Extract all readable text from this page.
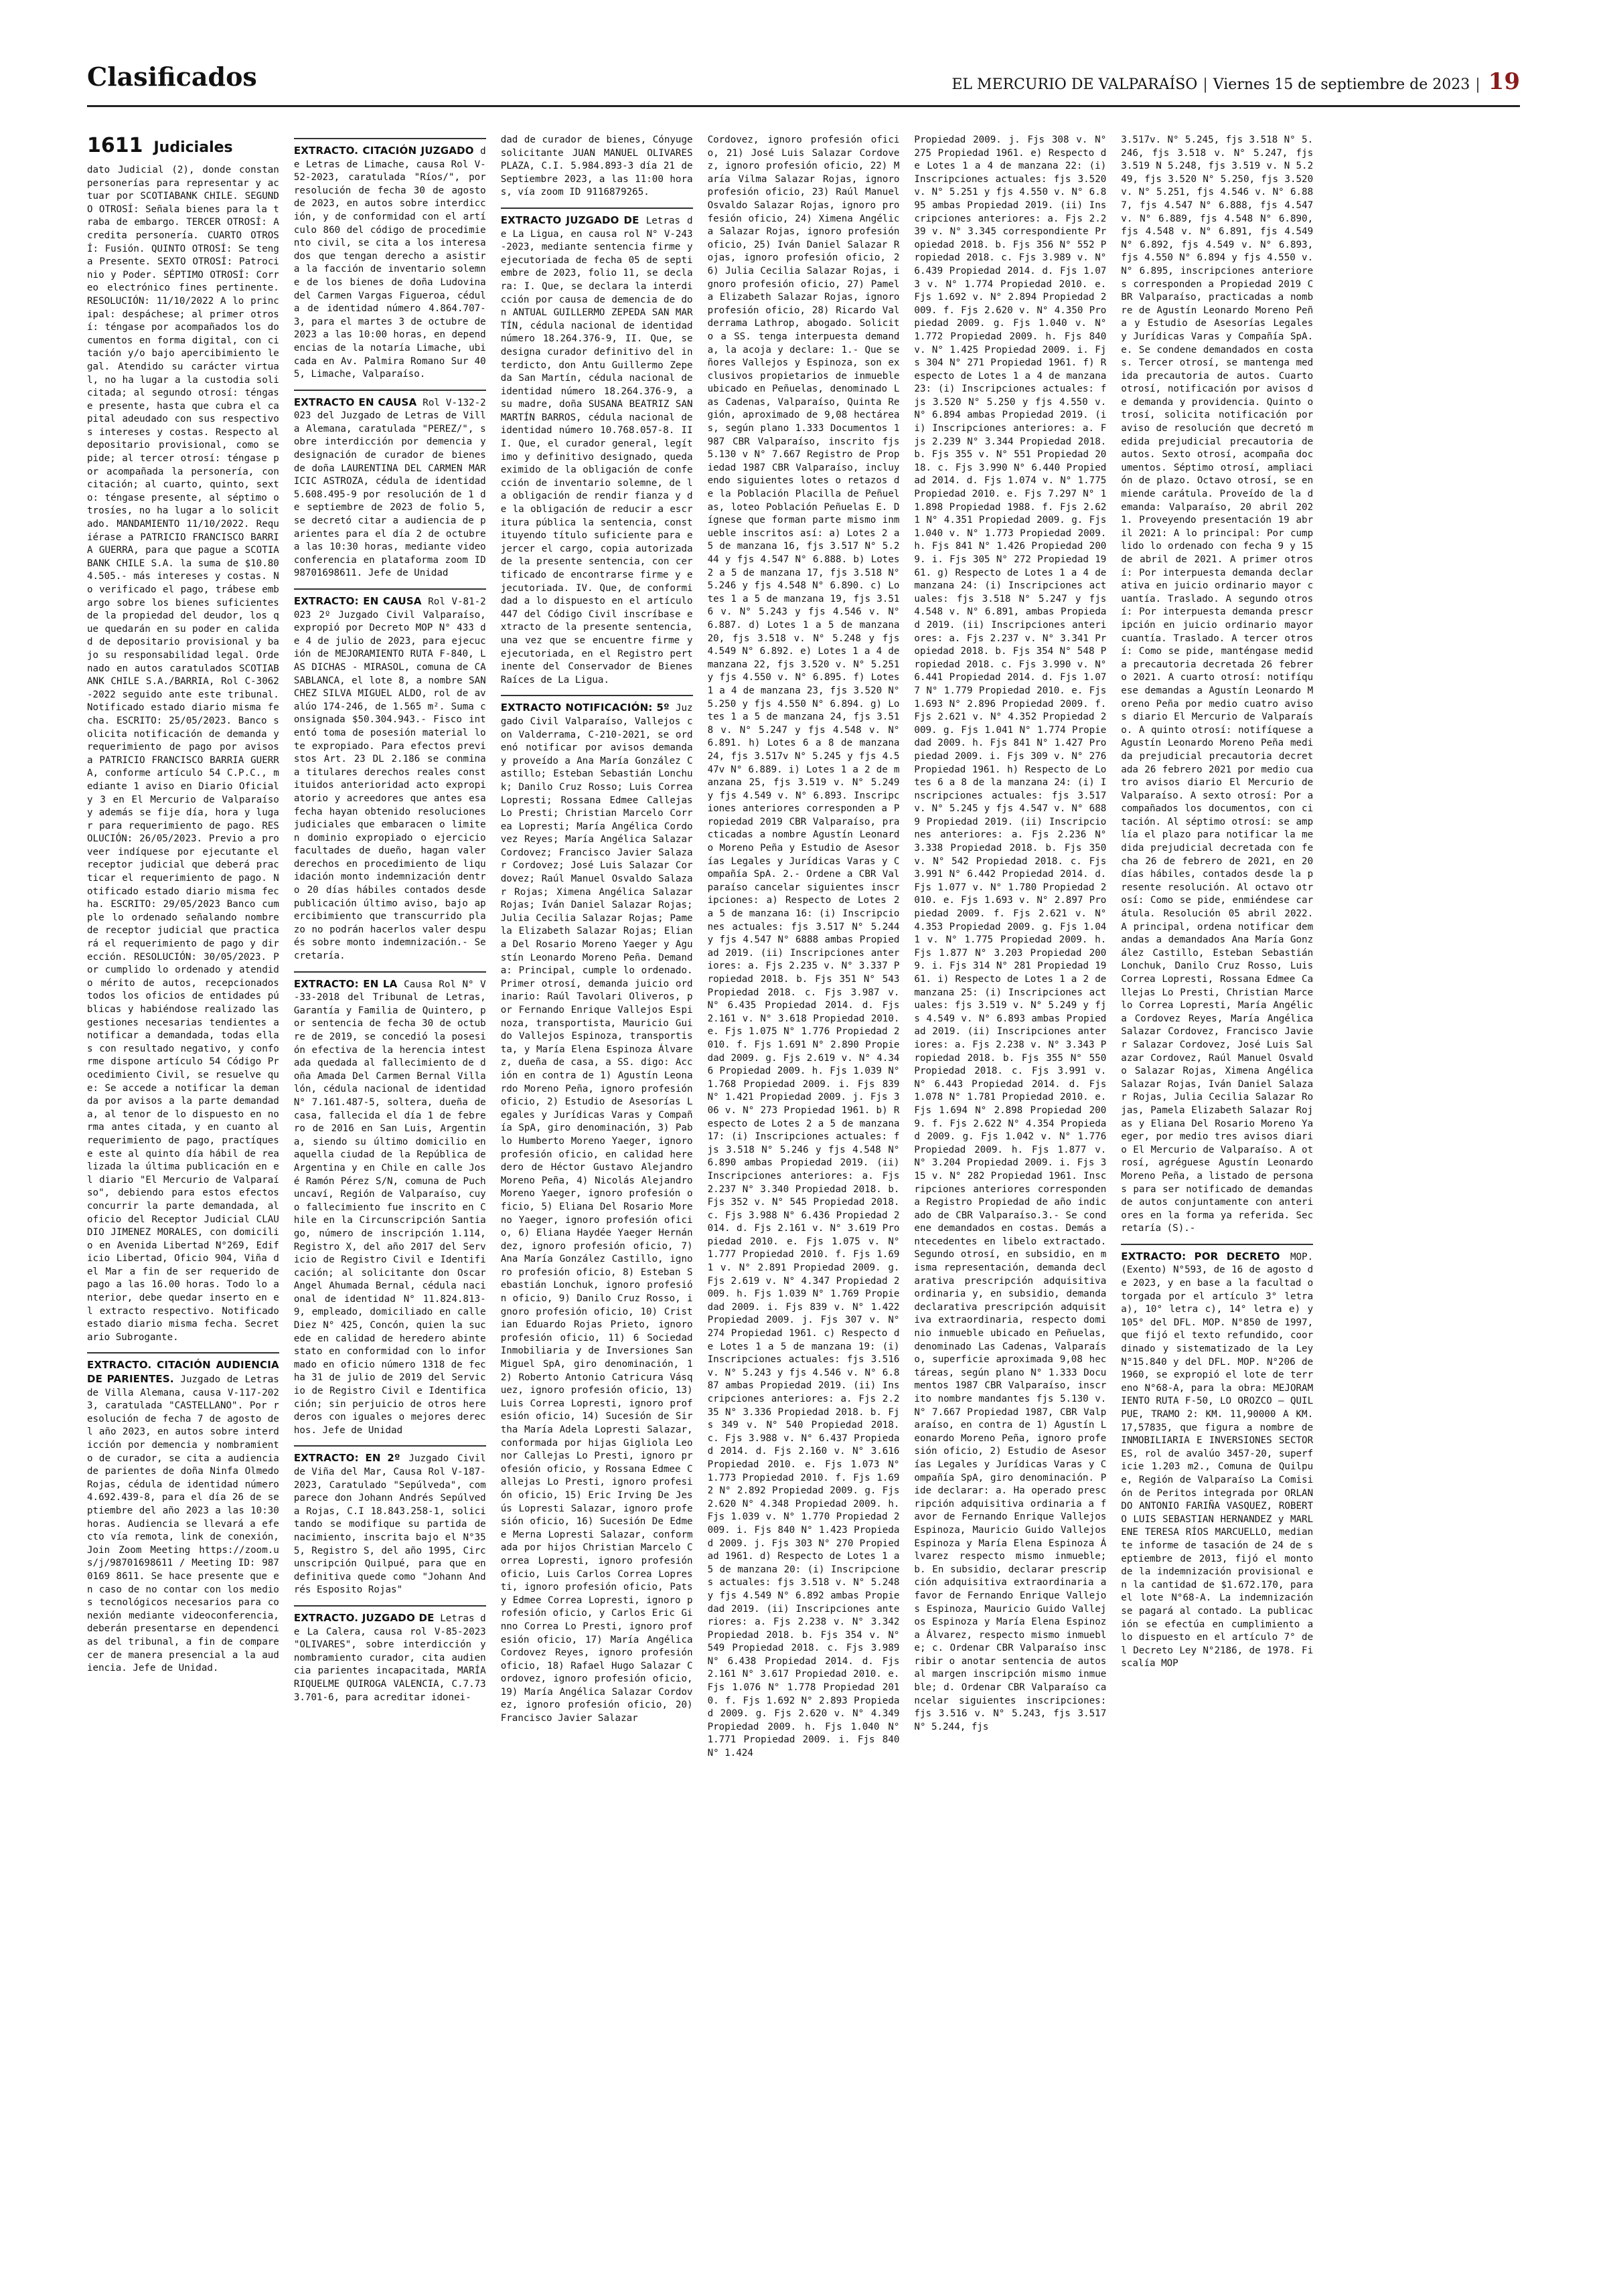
Clasificados	EL MERCURIO DE VALPARAÍSO | Viernes 15 de septiembre de 2023 | 19
1611 Judiciales

dato Judicial (2), donde constan personerías para representar y actuar por SCOTIABANK CHILE. SEGUNDO OTROSÍ: Señala bienes para la traba de embargo. TERCER OTROSÍ: Acredita personería. CUARTO OTROSÍ: Fusión. QUINTO OTROSÍ: Se tenga Presente. SEXTO OTROSÍ: Patrocinio y Poder. SÉPTIMO OTROSÍ: Correo electrónico fines pertinente. RESOLUCIÓN: 11/10/2022 A lo principal: despáchese; al primer otrosí: téngase por acompañados los documentos en forma digital, con citación y/o bajo apercibimiento legal. Atendido su carácter virtual, no ha lugar a la custodia solicitada; al segundo otrosí: téngase presente, hasta que cubra el capital adeudado con sus respectivos intereses y costas. Respecto al depositario provisional, como se pide; al tercer otrosí: téngase por acompañada la personería, con citación; al cuarto, quinto, sexto: téngase presente, al séptimo otrosíes, no ha lugar a lo solicitado. MANDAMIENTO 11/10/2022. Requiérase a PATRICIO FRANCISCO BARRIA GUERRA, para que pague a SCOTIABANK CHILE S.A. la suma de $10.804.505.- más intereses y costas. No verificado el pago, trábese embargo sobre los bienes suficientes de la propiedad del deudor, los que quedarán en su poder en calidad de depositario provisional y bajo su responsabilidad legal. Ordenado en autos caratulados SCOTIABANK CHILE S.A./BARRIA, Rol C-3062-2022 seguido ante este tribunal. Notificado estado diario misma fecha. ESCRITO: 25/05/2023. Banco solicita notificación de demanda y requerimiento de pago por avisos a PATRICIO FRANCISCO BARRIA GUERRA, conforme artículo 54 C.P.C., mediante 1 aviso en Diario Oficial y 3 en El Mercurio de Valparaíso y además se fije día, hora y lugar para requerimiento de pago. RESOLUCIÓN: 26/05/2023. Previo a proveer indíquese por ejecutante el receptor judicial que deberá practicar el requerimiento de pago. Notificado estado diario misma fecha. ESCRITO: 29/05/2023 Banco cumple lo ordenado señalando nombre de receptor judicial que practicará el requerimiento de pago y dirección. RESOLUCIÓN: 30/05/2023. Por cumplido lo ordenado y atendido mérito de autos, recepcionados todos los oficios de entidades públicas y habiéndose realizado las gestiones necesarias tendientes a notificar a demandada, todas ellas con resultado negativo, y conforme dispone artículo 54 Código Procedimiento Civil, se resuelve que: Se accede a notificar la demanda por avisos a la parte demandada, al tenor de lo dispuesto en norma antes citada, y en cuanto al requerimiento de pago, practíquese este al quinto día hábil de realizada la última publicación en el diario "El Mercurio de Valparaíso", debiendo para estos efectos concurrir la parte demandada, al oficio del Receptor Judicial CLAUDIO JIMENEZ MORALES, con domicilio en Avenida Libertad N°269, Edificio Libertad, Oficio 904, Viña del Mar a fin de ser requerido de pago a las 16.00 horas. Todo lo anterior, debe quedar inserto en el extracto respectivo. Notificado estado diario misma fecha. Secretario Subrogante.

EXTRACTO. CITACIÓN AUDIENCIA DE PARIENTES. Juzgado de Letras de Villa Alemana, causa V-117-2023, caratulada "CASTELLANO". Por resolución de fecha 7 de agosto del año 2023, en autos sobre interdicción por demencia y nombramiento de curador, se cita a audiencia de parientes de doña Ninfa Olmedo Rojas, cédula de identidad número 4.692.439-8, para el día 26 de septiembre del año 2023 a las 10:30 horas. Audiencia se llevará a efecto vía remota, link de conexión, Join Zoom Meeting https://zoom.us/j/98701698611 / Meeting ID: 987 0169 8611. Se hace presente que en caso de no contar con los medios tecnológicos necesarios para conexión mediante videoconferencia, deberán presentarse en dependencias del tribunal, a fin de comparecer de manera presencial a la audiencia. Jefe de Unidad.

EXTRACTO. CITACIÓN JUZGADO de Letras de Limache, causa Rol V-52-2023, caratulada "Ríos/", por resolución de fecha 30 de agosto de 2023, en autos sobre interdicción, y de conformidad con el artículo 860 del código de procedimiento civil, se cita a los interesados que tengan derecho a asistir a la facción de inventario solemne de los bienes de doña Ludovina del Carmen Vargas Figueroa, cédula de identidad número 4.864.707-3, para el martes 3 de octubre de 2023 a las 10:00 horas, en dependencias de la notaría Limache, ubicada en Av. Palmira Romano Sur 405, Limache, Valparaíso.

EXTRACTO EN CAUSA Rol V-132-2023 del Juzgado de Letras de Villa Alemana, caratulada "PEREZ/", sobre interdicción por demencia y designación de curador de bienes de doña LAURENTINA DEL CARMEN MARICIC ASTROZA, cédula de identidad 5.608.495-9 por resolución de 1 de septiembre de 2023 de folio 5, se decretó citar a audiencia de parientes para el día 2 de octubre a las 10:30 horas, mediante videoconferencia en plataforma zoom ID 98701698611. Jefe de Unidad

EXTRACTO: EN CAUSA Rol V-81-2023 2º Juzgado Civil Valparaíso, expropió por Decreto MOP N° 433 de 4 de julio de 2023, para ejecución de MEJORAMIENTO RUTA F-840, LAS DICHAS - MIRASOL, comuna de CASABLANCA, el lote 8, a nombre SANCHEZ SILVA MIGUEL ALDO, rol de avalúo 174-246, de 1.565 m². Suma consignada $50.304.943.- Fisco intentó toma de posesión material lote expropiado. Para efectos previstos Art. 23 DL 2.186 se conmina a titulares derechos reales constituidos anterioridad acto expropiatorio y acreedores que antes esa fecha hayan obtenido resoluciones judiciales que embaracen o limiten dominio expropiado o ejercicio facultades de dueño, hagan valer derechos en procedimiento de liquidación monto indemnización dentro 20 días hábiles contados desde publicación último aviso, bajo apercibimiento que transcurrido plazo no podrán hacerlos valer después sobre monto indemnización.- Secretaría.

EXTRACTO: EN LA Causa Rol N° V-33-2018 del Tribunal de Letras, Garantía y Familia de Quintero, por sentencia de fecha 30 de octubre de 2019, se concedió la posesión efectiva de la herencia intestada quedada al fallecimiento de doña Amada Del Carmen Bernal Villalón, cédula nacional de identidad N° 7.161.487-5, soltera, dueña de casa, fallecida el día 1 de febrero de 2016 en San Luis, Argentina, siendo su último domicilio en aquella ciudad de la República de Argentina y en Chile en calle José Ramón Pérez S/N, comuna de Puchuncaví, Región de Valparaíso, cuyo fallecimiento fue inscrito en Chile en la Circunscripción Santiago, número de inscripción 1.114, Registro X, del año 2017 del Servicio de Registro Civil e Identificación; al solicitante don Oscar Angel Ahumada Bernal, cédula nacional de identidad N° 11.824.813-9, empleado, domiciliado en calle Diez N° 425, Concón, quien la sucede en calidad de heredero abintestato en conformidad con lo informado en oficio número 1318 de fecha 31 de julio de 2019 del Servicio de Registro Civil e Identificación; sin perjuicio de otros herederos con iguales o mejores derechos. Jefe de Unidad

EXTRACTO: EN 2º Juzgado Civil de Viña del Mar, Causa Rol V-187-2023, Caratulado "Sepúlveda", comparece don Johann Andrés Sepúlveda Rojas, C.I 18.843.258-1, solicitando se modifique su partida de nacimiento, inscrita bajo el N°355, Registro S, del año 1995, Circunscripción Quilpué, para que en definitiva quede como "Johann Andrés Esposito Rojas"

EXTRACTO. JUZGADO DE Letras de La Calera, causa rol V-85-2023 "OLIVARES", sobre interdicción y nombramiento curador, cita audiencia parientes incapacitada, MARÍA RIQUELME QUIROGA VALENCIA, C.7.733.701-6, para acreditar idonei-

dad de curador de bienes, Cónyuge solicitante JUAN MANUEL OLIVARES PLAZA, C.I. 5.984.893-3 día 21 de Septiembre 2023, a las 11:00 horas, vía zoom ID 9116879265.

EXTRACTO JUZGADO DE Letras de La Ligua, en causa rol N° V-243-2023, mediante sentencia firme y ejecutoriada de fecha 05 de septiembre de 2023, folio 11, se declara: I. Que, se declara la interdicción por causa de demencia de don ANTUAL GUILLERMO ZEPEDA SAN MARTÍN, cédula nacional de identidad número 18.264.376-9, II. Que, se designa curador definitivo del interdicto, don Antu Guillermo Zepeda San Martín, cédula nacional de identidad número 18.264.376-9, a su madre, doña SUSANA BEATRIZ SAN MARTÍN BARROS, cédula nacional de identidad número 10.768.057-8. III. Que, el curador general, legítimo y definitivo designado, queda eximido de la obligación de confección de inventario solemne, de la obligación de rendir fianza y de la obligación de reducir a escritura pública la sentencia, constituyendo título suficiente para ejercer el cargo, copia autorizada de la presente sentencia, con certificado de encontrarse firme y ejecutoriada. IV. Que, de conformidad a lo dispuesto en el artículo 447 del Código Civil inscríbase extracto de la presente sentencia, una vez que se encuentre firme y ejecutoriada, en el Registro pertinente del Conservador de Bienes Raíces de La Ligua.

EXTRACTO NOTIFICACIÓN: 5º Juzgado Civil Valparaíso, Vallejos con Valderrama, C-210-2021, se ordenó notificar por avisos demanda y proveído a Ana María González Castillo; Esteban Sebastián Lonchuk; Danilo Cruz Rosso; Luis Correa Lopresti; Rossana Edmee Callejas Lo Presti; Christian Marcelo Correa Lopresti; María Angélica Cordovez Reyes; María Angélica Salazar Cordovez; Francisco Javier Salazar Cordovez; José Luis Salazar Cordovez; Raúl Manuel Osvaldo Salazar Rojas; Ximena Angélica Salazar Rojas; Iván Daniel Salazar Rojas; Julia Cecilia Salazar Rojas; Pamela Elizabeth Salazar Rojas; Eliana Del Rosario Moreno Yaeger y Agustín Leonardo Moreno Peña. Demanda: Principal, cumple lo ordenado. Primer otrosí, demanda juicio ordinario: Raúl Tavolari Oliveros, por Fernando Enrique Vallejos Espinoza, transportista, Mauricio Guido Vallejos Espinoza, transportista, y María Elena Espinoza Álvarez, dueña de casa, a SS. digo: Acción en contra de 1) Agustín Leonardo Moreno Peña, ignoro profesión oficio, 2) Estudio de Asesorías Legales y Jurídicas Varas y Compañía SpA, giro denominación, 3) Pablo Humberto Moreno Yaeger, ignoro profesión oficio, en calidad heredero de Héctor Gustavo Alejandro Moreno Peña, 4) Nicolás Alejandro Moreno Yaeger, ignoro profesión oficio, 5) Eliana Del Rosario Moreno Yaeger, ignoro profesión oficio, 6) Eliana Haydée Yaeger Hernández, ignoro profesión oficio, 7) Ana María González Castillo, ignoro profesión oficio, 8) Esteban Sebastián Lonchuk, ignoro profesión oficio, 9) Danilo Cruz Rosso, ignoro profesión oficio, 10) Cristian Eduardo Rojas Prieto, ignoro profesión oficio, 11) 6 Sociedad Inmobiliaria y de Inversiones San Miguel SpA, giro denominación, 12) Roberto Antonio Catricura Vásquez, ignoro profesión oficio, 13) Luis Correa Lopresti, ignoro profesión oficio, 14) Sucesión de Sirtha María Adela Lopresti Salazar, conformada por hijas Gigliola Leonor Callejas Lo Presti, ignoro profesión oficio, y Rossana Edmee Callejas Lo Presti, ignoro profesión oficio, 15) Eric Irving De Jesús Lopresti Salazar, ignoro profesión oficio, 16) Sucesión De Edmee Merna Lopresti Salazar, conformada por hijos Christian Marcelo Correa Lopresti, ignoro profesión oficio, Luis Carlos Correa Lopresti, ignoro profesión oficio, Patsy Edmee Correa Lopresti, ignoro profesión oficio, y Carlos Eric Ginno Correa Lo Presti, ignoro profesión oficio, 17) María Angélica Cordovez Reyes, ignoro profesión oficio, 18) Rafael Hugo Salazar Cordovez, ignoro profesión oficio, 19) María Angélica Salazar Cordovez, ignoro profesión oficio, 20) Francisco Javier Salazar

Cordovez, ignoro profesión oficio, 21) José Luis Salazar Cordovez, ignoro profesión oficio, 22) María Vilma Salazar Rojas, ignoro profesión oficio, 23) Raúl Manuel Osvaldo Salazar Rojas, ignoro profesión oficio, 24) Ximena Angélica Salazar Rojas, ignoro profesión oficio, 25) Iván Daniel Salazar Rojas, ignoro profesión oficio, 26) Julia Cecilia Salazar Rojas, ignoro profesión oficio, 27) Pamela Elizabeth Salazar Rojas, ignoro profesión oficio, 28) Ricardo Valderrama Lathrop, abogado. Solicito a SS. tenga interpuesta demanda, la acoja y declare: 1.- Que señores Vallejos y Espinoza, son exclusivos propietarios de inmueble ubicado en Peñuelas, denominado Las Cadenas, Valparaíso, Quinta Región, aproximado de 9,08 hectáreas, según plano 1.333 Documentos 1987 CBR Valparaíso, inscrito fjs 5.130 v N° 7.667 Registro de Propiedad 1987 CBR Valparaíso, incluyendo siguientes lotes o retazos de la Población Placilla de Peñuelas, loteo Población Peñuelas E. Dígnese que forman parte mismo inmueble inscritos así: a) Lotes 2 a 5 de manzana 16, fjs 3.517 N° 5.244 y fjs 4.547 N° 6.888. b) Lotes 2 a 5 de manzana 17, fjs 3.518 N° 5.246 y fjs 4.548 N° 6.890. c) Lotes 1 a 5 de manzana 19, fjs 3.516 v. N° 5.243 y fjs 4.546 v. N° 6.887. d) Lotes 1 a 5 de manzana 20, fjs 3.518 v. N° 5.248 y fjs 4.549 N° 6.892. e) Lotes 1 a 4 de manzana 22, fjs 3.520 v. N° 5.251 y fjs 4.550 v. N° 6.895. f) Lotes 1 a 4 de manzana 23, fjs 3.520 N° 5.250 y fjs 4.550 N° 6.894. g) Lotes 1 a 5 de manzana 24, fjs 3.518 v. N° 5.247 y fjs 4.548 v. N° 6.891. h) Lotes 6 a 8 de manzana 24, fjs 3.517v N° 5.245 y fjs 4.547v N° 6.889. i) Lotes 1 a 2 de manzana 25, fjs 3.519 v. N° 5.249 y fjs 4.549 v. N° 6.893. Inscripciones anteriores corresponden a Propiedad 2019 CBR Valparaíso, practicadas a nombre Agustín Leonardo Moreno Peña y Estudio de Asesorías Legales y Jurídicas Varas y Compañía SpA. 2.- Ordene a CBR Valparaíso cancelar siguientes inscripciones: a) Respecto de Lotes 2 a 5 de manzana 16: (i) Inscripciones actuales: fjs 3.517 N° 5.244 y fjs 4.547 N° 6888 ambas Propiedad 2019. (ii) Inscripciones anteriores: a. Fjs 2.235 v. N° 3.337 Propiedad 2018. b. Fjs 351 N° 543 Propiedad 2018. c. Fjs 3.987 v. N° 6.435 Propiedad 2014. d. Fjs 2.161 v. N° 3.618 Propiedad 2010. e. Fjs 1.075 N° 1.776 Propiedad 2010. f. Fjs 1.691 N° 2.890 Propiedad 2009. g. Fjs 2.619 v. N° 4.346 Propiedad 2009. h. Fjs 1.039 N° 1.768 Propiedad 2009. i. Fjs 839 N° 1.421 Propiedad 2009. j. Fjs 306 v. N° 273 Propiedad 1961. b) Respecto de Lotes 2 a 5 de manzana 17: (i) Inscripciones actuales: fjs 3.518 N° 5.246 y fjs 4.548 N° 6.890 ambas Propiedad 2019. (ii) Inscripciones anteriores: a. Fjs 2.237 N° 3.340 Propiedad 2018. b. Fjs 352 v. N° 545 Propiedad 2018. c. Fjs 3.988 N° 6.436 Propiedad 2014. d. Fjs 2.161 v. N° 3.619 Propiedad 2010. e. Fjs 1.075 v. N° 1.777 Propiedad 2010. f. Fjs 1.691 v. N° 2.891 Propiedad 2009. g. Fjs 2.619 v. N° 4.347 Propiedad 2009. h. Fjs 1.039 N° 1.769 Propiedad 2009. i. Fjs 839 v. N° 1.422 Propiedad 2009. j. Fjs 307 v. N° 274 Propiedad 1961. c) Respecto de Lotes 1 a 5 de manzana 19: (i) Inscripciones actuales: fjs 3.516 v. N° 5.243 y fjs 4.546 v. N° 6.887 ambas Propiedad 2019. (ii) Inscripciones anteriores: a. Fjs 2.235 N° 3.336 Propiedad 2018. b. Fjs 349 v. N° 540 Propiedad 2018. c. Fjs 3.988 v. N° 6.437 Propiedad 2014. d. Fjs 2.160 v. N° 3.616 Propiedad 2010. e. Fjs 1.073 N° 1.773 Propiedad 2010. f. Fjs 1.692 N° 2.892 Propiedad 2009. g. Fjs 2.620 N° 4.348 Propiedad 2009. h. Fjs 1.039 v. N° 1.770 Propiedad 2009. i. Fjs 840 N° 1.423 Propiedad 2009. j. Fjs 303 N° 270 Propiedad 1961. d) Respecto de Lotes 1 a 5 de manzana 20: (i) Inscripciones actuales: fjs 3.518 v. N° 5.248 y fjs 4.549 N° 6.892 ambas Propiedad 2019. (ii) Inscripciones anteriores: a. Fjs 2.238 v. N° 3.342 Propiedad 2018. b. Fjs 354 v. N° 549 Propiedad 2018. c. Fjs 3.989 N° 6.438 Propiedad 2014. d. Fjs 2.161 N° 3.617 Propiedad 2010. e. Fjs 1.076 N° 1.778 Propiedad 2010. f. Fjs 1.692 N° 2.893 Propiedad 2009. g. Fjs 2.620 v. N° 4.349 Propiedad 2009. h. Fjs 1.040 N° 1.771 Propiedad 2009. i. Fjs 840 N° 1.424

Propiedad 2009. j. Fjs 308 v. N° 275 Propiedad 1961. e) Respecto de Lotes 1 a 4 de manzana 22: (i) Inscripciones actuales: fjs 3.520 v. N° 5.251 y fjs 4.550 v. N° 6.895 ambas Propiedad 2019. (ii) Inscripciones anteriores: a. Fjs 2.239 v. N° 3.345 correspondiente Propiedad 2018. b. Fjs 356 N° 552 Propiedad 2018. c. Fjs 3.989 v. N° 6.439 Propiedad 2014. d. Fjs 1.073 v. N° 1.774 Propiedad 2010. e. Fjs 1.692 v. N° 2.894 Propiedad 2009. f. Fjs 2.620 v. N° 4.350 Propiedad 2009. g. Fjs 1.040 v. N° 1.772 Propiedad 2009. h. Fjs 840 v. N° 1.425 Propiedad 2009. i. Fjs 304 N° 271 Propiedad 1961. f) Respecto de Lotes 1 a 4 de manzana 23: (i) Inscripciones actuales: fjs 3.520 N° 5.250 y fjs 4.550 v. N° 6.894 ambas Propiedad 2019. (ii) Inscripciones anteriores: a. Fjs 2.239 N° 3.344 Propiedad 2018. b. Fjs 355 v. N° 551 Propiedad 2018. c. Fjs 3.990 N° 6.440 Propiedad 2014. d. Fjs 1.074 v. N° 1.775 Propiedad 2010. e. Fjs 7.297 N° 11.898 Propiedad 1988. f. Fjs 2.621 N° 4.351 Propiedad 2009. g. Fjs 1.040 v. N° 1.773 Propiedad 2009. h. Fjs 841 N° 1.426 Propiedad 2009. i. Fjs 305 N° 272 Propiedad 1961. g) Respecto de Lotes 1 a 4 de manzana 24: (i) Inscripciones actuales: fjs 3.518 N° 5.247 y fjs 4.548 v. N° 6.891, ambas Propiedad 2019. (ii) Inscripciones anteriores: a. Fjs 2.237 v. N° 3.341 Propiedad 2018. b. Fjs 354 N° 548 Propiedad 2018. c. Fjs 3.990 v. N° 6.441 Propiedad 2014. d. Fjs 1.077 N° 1.779 Propiedad 2010. e. Fjs 1.693 N° 2.896 Propiedad 2009. f. Fjs 2.621 v. N° 4.352 Propiedad 2009. g. Fjs 1.041 N° 1.774 Propiedad 2009. h. Fjs 841 N° 1.427 Propiedad 2009. i. Fjs 309 v. N° 276 Propiedad 1961. h) Respecto de Lotes 6 a 8 de la manzana 24: (i) Inscripciones actuales: fjs 3.517 v. N° 5.245 y fjs 4.547 v. N° 6889 Propiedad 2019. (ii) Inscripciones anteriores: a. Fjs 2.236 N° 3.338 Propiedad 2018. b. Fjs 350 v. N° 542 Propiedad 2018. c. Fjs 3.991 N° 6.442 Propiedad 2014. d. Fjs 1.077 v. N° 1.780 Propiedad 2010. e. Fjs 1.693 v. N° 2.897 Propiedad 2009. f. Fjs 2.621 v. N° 4.353 Propiedad 2009. g. Fjs 1.041 v. N° 1.775 Propiedad 2009. h. Fjs 1.877 N° 3.203 Propiedad 2009. i. Fjs 314 N° 281 Propiedad 1961. i) Respecto de Lotes 1 a 2 de manzana 25: (i) Inscripciones actuales: fjs 3.519 v. N° 5.249 y fjs 4.549 v. N° 6.893 ambas Propiedad 2019. (ii) Inscripciones anteriores: a. Fjs 2.238 v. N° 3.343 Propiedad 2018. b. Fjs 355 N° 550 Propiedad 2018. c. Fjs 3.991 v. N° 6.443 Propiedad 2014. d. Fjs 1.078 N° 1.781 Propiedad 2010. e. Fjs 1.694 N° 2.898 Propiedad 2009. f. Fjs 2.622 N° 4.354 Propiedad 2009. g. Fjs 1.042 v. N° 1.776 Propiedad 2009. h. Fjs 1.877 v. N° 3.204 Propiedad 2009. i. Fjs 315 v. N° 282 Propiedad 1961. Inscripciones anteriores corresponden a Registro Propiedad de año indicado de CBR Valparaíso.3.- Se condene demandados en costas. Demás antecedentes en libelo extractado. Segundo otrosí, en subsidio, en misma representación, demanda declarativa prescripción adquisitiva ordinaria y, en subsidio, demanda declarativa prescripción adquisitiva extraordinaria, respecto dominio inmueble ubicado en Peñuelas, denominado Las Cadenas, Valparaíso, superficie aproximada 9,08 hectáreas, según plano N° 1.333 Documentos 1987 CBR Valparaíso, inscrito nombre mandantes fjs 5.130 v. N° 7.667 Propiedad 1987, CBR Valparaíso, en contra de 1) Agustín Leonardo Moreno Peña, ignoro profesión oficio, 2) Estudio de Asesorías Legales y Jurídicas Varas y Compañía SpA, giro denominación. Pide declarar: a. Ha operado prescripción adquisitiva ordinaria a favor de Fernando Enrique Vallejos Espinoza, Mauricio Guido Vallejos Espinoza y María Elena Espinoza Álvarez respecto mismo inmueble; b. En subsidio, declarar prescripción adquisitiva extraordinaria a favor de Fernando Enrique Vallejos Espinoza, Mauricio Guido Vallejos Espinoza y María Elena Espinoza Álvarez, respecto mismo inmueble; c. Ordenar CBR Valparaíso inscribir o anotar sentencia de autos al margen inscripción mismo inmueble; d. Ordenar CBR Valparaíso cancelar siguientes inscripciones: fjs 3.516 v. N° 5.243, fjs 3.517 N° 5.244, fjs

3.517v. N° 5.245, fjs 3.518 N° 5.246, fjs 3.518 v. N° 5.247, fjs 3.519 N 5.248, fjs 3.519 v. N 5.249, fjs 3.520 N° 5.250, fjs 3.520 v. N° 5.251, fjs 4.546 v. N° 6.887, fjs 4.547 N° 6.888, fjs 4.547v. N° 6.889, fjs 4.548 N° 6.890, fjs 4.548 v. N° 6.891, fjs 4.549 N° 6.892, fjs 4.549 v. N° 6.893, fjs 4.550 N° 6.894 y fjs 4.550 v. N° 6.895, inscripciones anteriores corresponden a Propiedad 2019 CBR Valparaíso, practicadas a nombre de Agustín Leonardo Moreno Peña y Estudio de Asesorías Legales y Jurídicas Varas y Compañía SpA. e. Se condene demandados en costas. Tercer otrosí, se mantenga medida precautoria de autos. Cuarto otrosí, notificación por avisos de demanda y providencia. Quinto otrosí, solicita notificación por aviso de resolución que decretó medida prejudicial precautoria de autos. Sexto otrosí, acompaña documentos. Séptimo otrosí, ampliación de plazo. Octavo otrosí, se enmiende carátula. Proveído de la demanda: Valparaíso, 20 abril 2021. Proveyendo presentación 19 abril 2021: A lo principal: Por cumplido lo ordenado con fecha 9 y 15 de abril de 2021. A primer otrosí: Por interpuesta demanda declarativa en juicio ordinario mayor cuantía. Traslado. A segundo otrosí: Por interpuesta demanda prescripción en juicio ordinario mayor cuantía. Traslado. A tercer otrosí: Como se pide, manténgase medida precautoria decretada 26 febrero 2021. A cuarto otrosí: notifíquese demandas a Agustín Leonardo Moreno Peña por medio cuatro avisos diario El Mercurio de Valparaíso. A quinto otrosí: notifíquese a Agustín Leonardo Moreno Peña medida prejudicial precautoria decretada 26 febrero 2021 por medio cuatro avisos diario El Mercurio de Valparaíso. A sexto otrosí: Por acompañados los documentos, con citación. Al séptimo otrosí: se amplía el plazo para notificar la medida prejudicial decretada con fecha 26 de febrero de 2021, en 20 días hábiles, contados desde la presente resolución. Al octavo otrosí: Como se pide, enmiéndese carátula. Resolución 05 abril 2022. A principal, ordena notificar demandas a demandados Ana María González Castillo, Esteban Sebastián Lonchuk, Danilo Cruz Rosso, Luis Correa Lopresti, Rossana Edmee Callejas Lo Presti, Christian Marcelo Correa Lopresti, María Angélica Cordovez Reyes, María Angélica Salazar Cordovez, Francisco Javier Salazar Cordovez, José Luis Salazar Cordovez, Raúl Manuel Osvaldo Salazar Rojas, Ximena Angélica Salazar Rojas, Iván Daniel Salazar Rojas, Julia Cecilia Salazar Rojas, Pamela Elizabeth Salazar Rojas y Eliana Del Rosario Moreno Yaeger, por medio tres avisos diario El Mercurio de Valparaíso. A otrosí, agréguese Agustín Leonardo Moreno Peña, a listado de personas para ser notificado de demandas de autos conjuntamente con anteriores en la forma ya referida. Secretaría (S).-

EXTRACTO: POR DECRETO MOP. (Exento) N°593, de 16 de agosto de 2023, y en base a la facultad otorgada por el artículo 3° letra a), 10° letra c), 14° letra e) y 105° del DFL. MOP. N°850 de 1997, que fijó el texto refundido, coordinado y sistematizado de la Ley N°15.840 y del DFL. MOP. N°206 de 1960, se expropió el lote de terreno N°68-A, para la obra: MEJORAMIENTO RUTA F-50, LO OROZCO – QUILPUE, TRAMO 2: KM. 11,90000 A KM. 17,57835, que figura a nombre de INMOBILIARIA E INVERSIONES SECTORES, rol de avalúo 3457-20, superficie 1.203 m2., Comuna de Quilpue, Región de Valparaíso La Comisión de Peritos integrada por ORLANDO ANTONIO FARIÑA VASQUEZ, ROBERTO LUIS SEBASTIAN HERNANDEZ y MARLENE TERESA RÍOS MARCUELLO, mediante informe de tasación de 24 de septiembre de 2013, fijó el monto de la indemnización provisional en la cantidad de $1.672.170, para el lote N°68-A. La indemnización se pagará al contado. La publicación se efectúa en cumplimiento a lo dispuesto en el artículo 7° del Decreto Ley N°2186, de 1978. Fiscalía MOP
